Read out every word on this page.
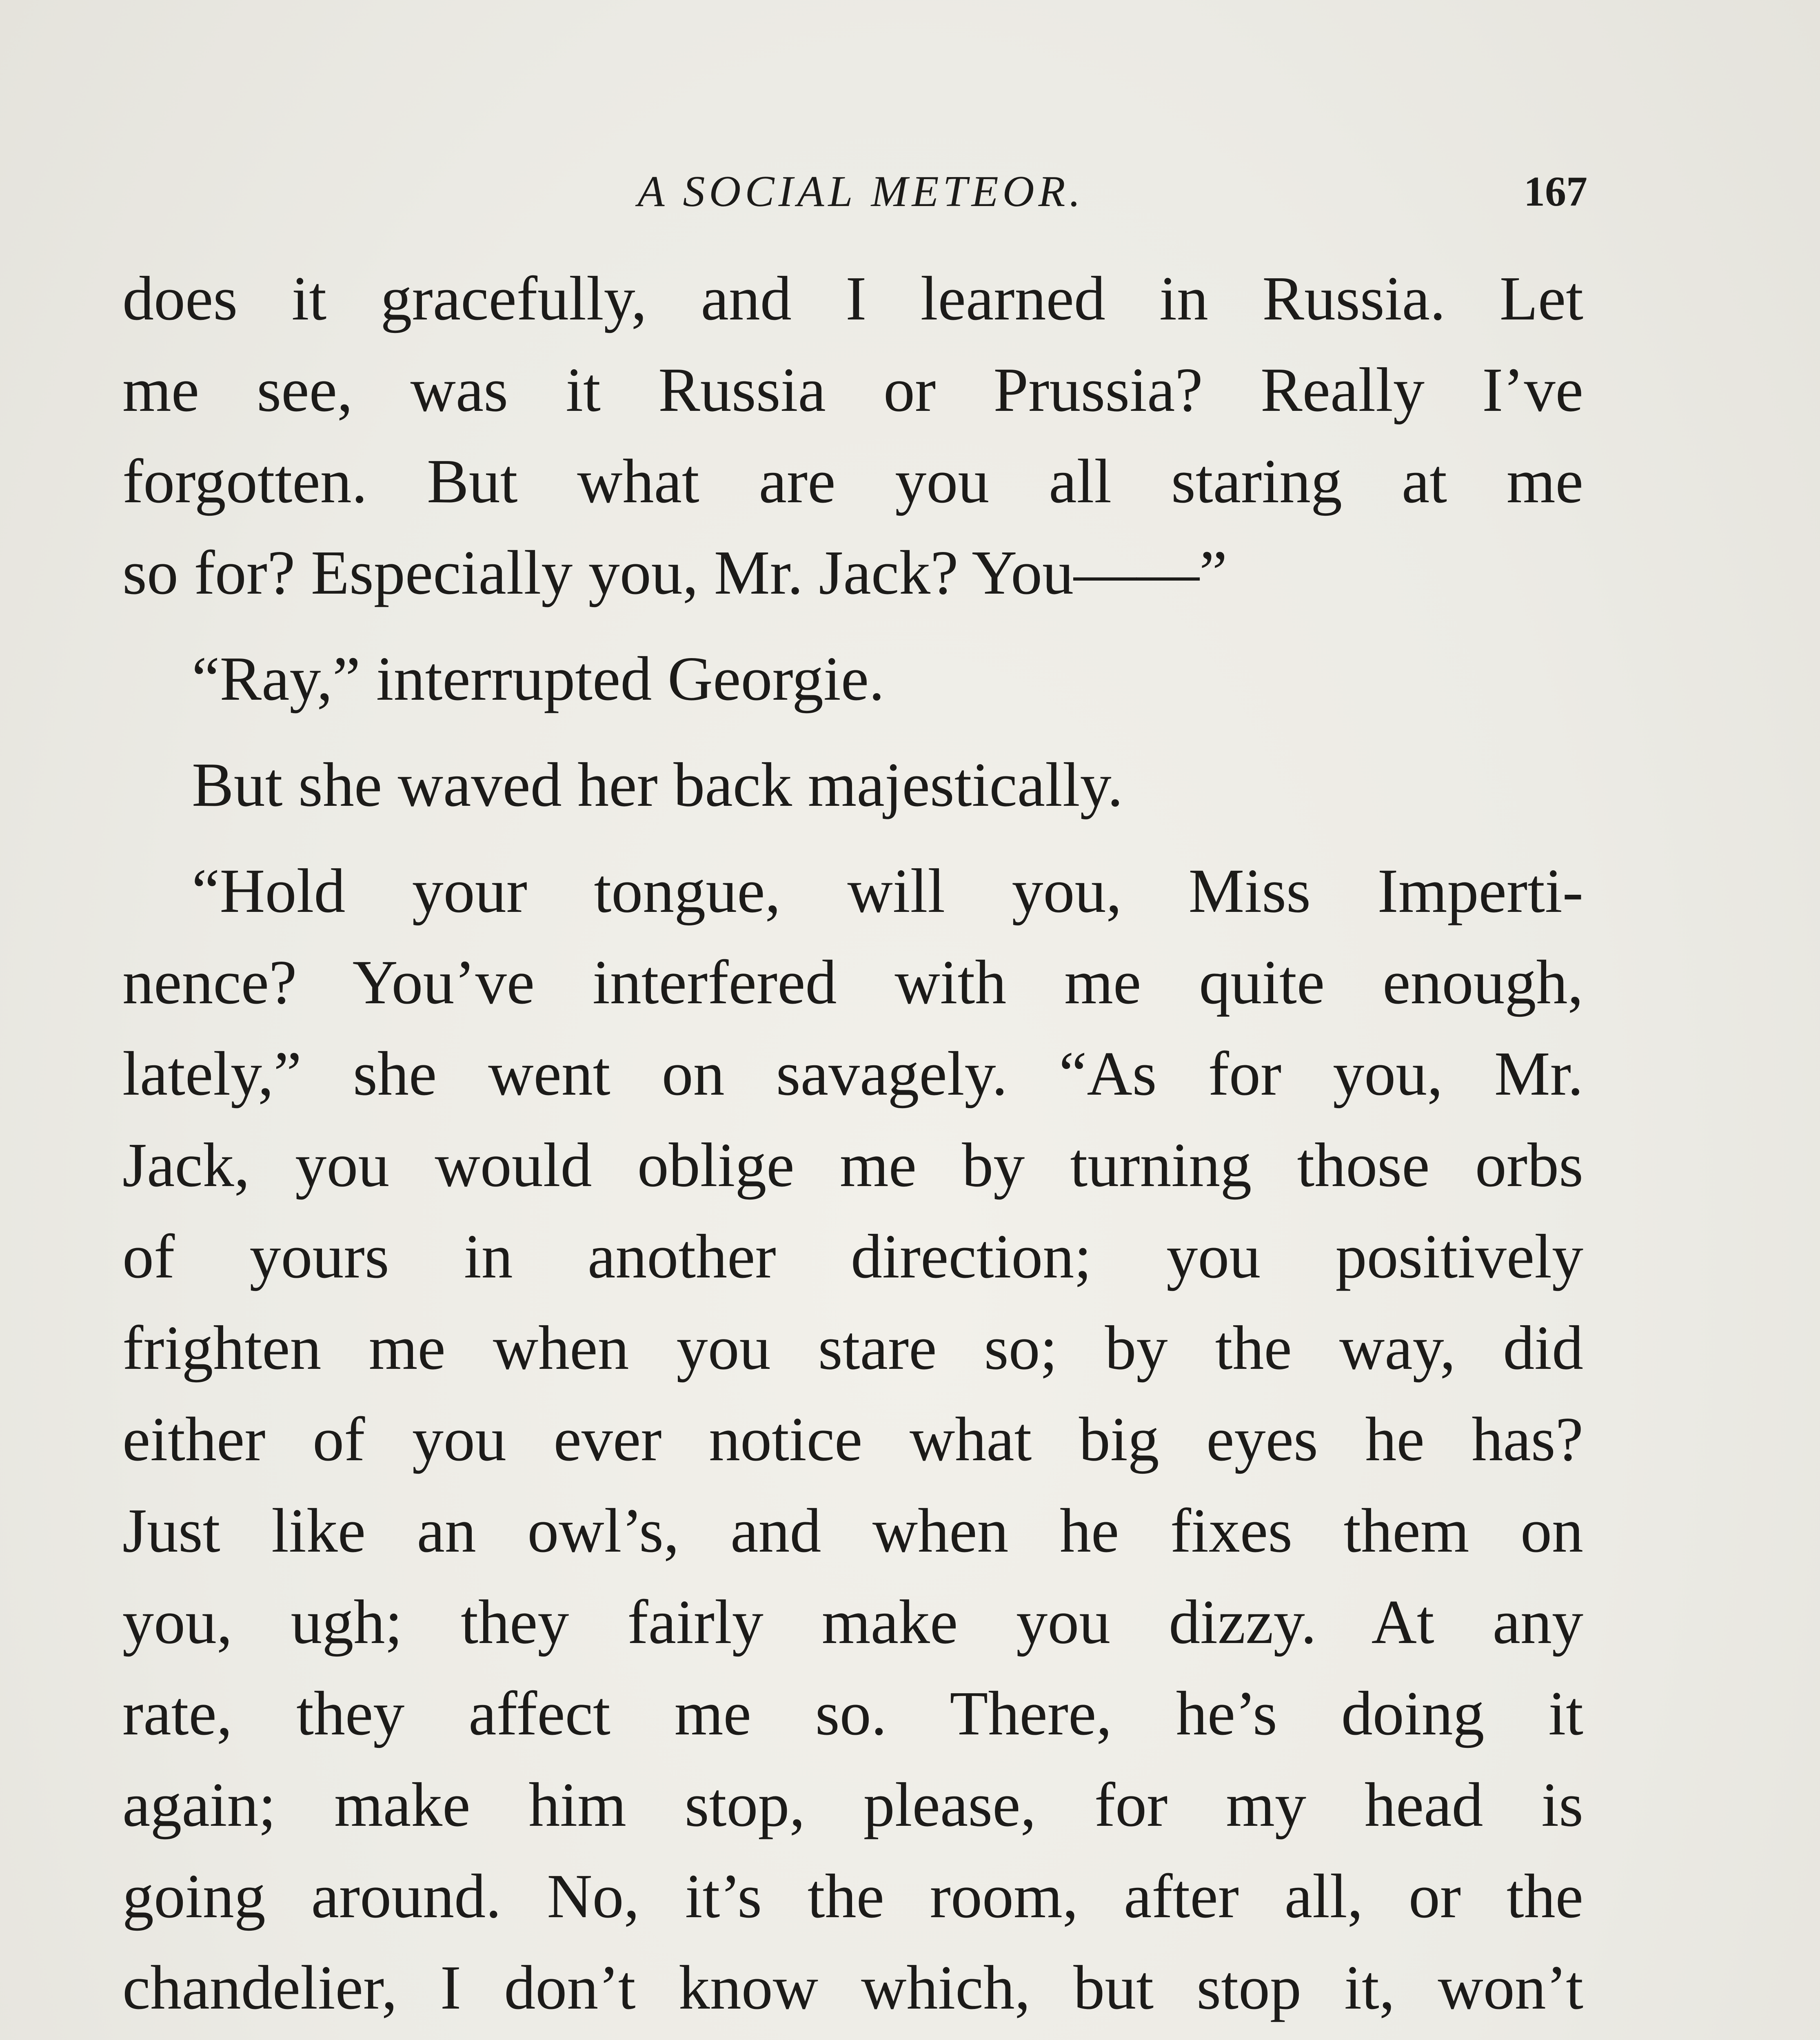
A SOCIAL METEOR.	167
does it gracefully, and I learned in Russia. Let
me see, was it Russia or Prussia? Really I’ve
forgotten. But what are you all staring at me
so for? Especially you, Mr. Jack? You——”
“Ray,” interrupted Georgie.
But she waved her back majestically.
“Hold your tongue, will you, Miss Imperti-
nence? You’ve interfered with me quite enough,
lately,” she went on savagely. “As for you, Mr.
Jack, you would oblige me by turning those orbs
of yours in another direction; you positively
frighten me when you stare so; by the way, did
either of you ever notice what big eyes he has?
Just like an owl’s, and when he fixes them on
you, ugh; they fairly make you dizzy. At any
rate, they affect me so. There, he’s doing it
again; make him stop, please, for my head is
going around. No, it’s the room, after all, or the
chandelier, I don’t know which, but stop it, won’t
